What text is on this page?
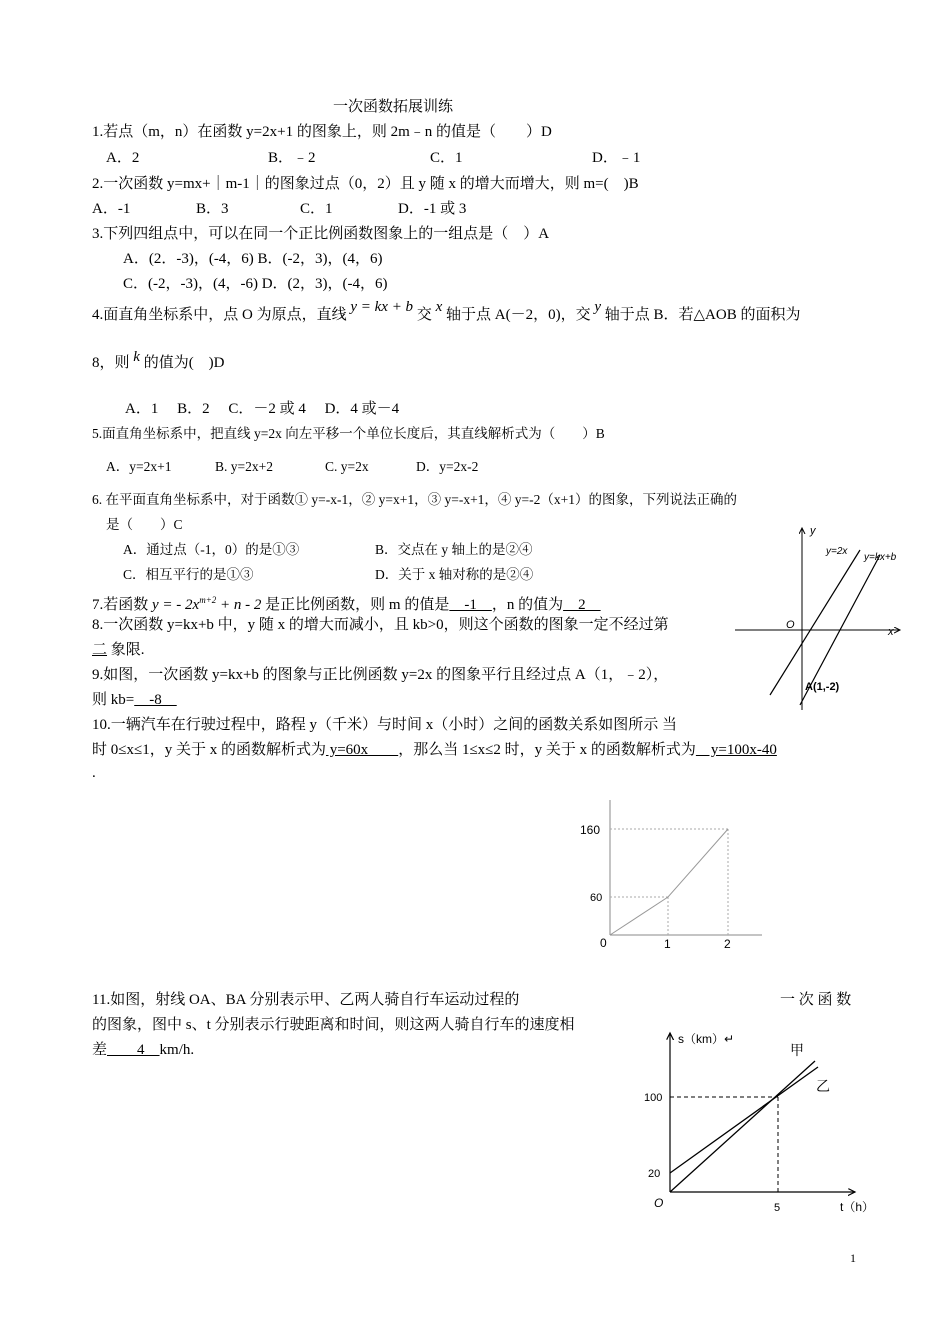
一次函数拓展训练
1.若点（m，n）在函数 y=2x+1 的图象上，则 2m﹣n 的值是（　　）D
A．2	B．﹣2	C．1	D．﹣1
2.一次函数 y=mx+｜m-1｜的图象过点（0，2）且 y 随 x 的增大而增大，则 m=(　)B
A．-1	B．3	C．1	D．-1 或 3
3.下列四组点中，可以在同一个正比例函数图象上的一组点是（　）A
A．(2．-3)，(-4，6) B．(-2，3)，(4，6)
C．(-2，-3)，(4，-6) D．(2，3)，(-4，6)
4.面直角坐标系中，点 O 为原点，直线 y = kx + b 交 x 轴于点 A(－2，0)，交 y 轴于点 B．若△AOB 的面积为
8，则 k 的值为(　)D
A．1　 B．2　 C．－2 或 4　 D．4 或－4
5.面直角坐标系中，把直线 y=2x 向左平移一个单位长度后，其直线解析式为（　　）B
A．y=2x+1	B. y=2x+2	C. y=2x	D．y=2x-2
6. 在平面直角坐标系中，对于函数① y=-x-1，② y=x+1，③ y=-x+1，④ y=-2（x+1）的图象，下列说法正确的
是（　　）C
A．通过点（-1，0）的是①③	B．交点在 y 轴上的是②④
C．相互平行的是①③	D．关于 x 轴对称的是②④
7.若函数 y = - $2x^{m+2} + n - 2$ 是正比例函数，则 m 的值是　-1　，n 的值为　2　
8.一次函数 y=kx+b 中，y 随 x 的增大而减小，且 kb>0，则这个函数的图象一定不经过第
二 象限.
9.如图，一次函数 y=kx+b 的图象与正比例函数 y=2x 的图象平行且经过点 A（1，﹣2），
则 kb=　-8　
y
x
O
y=2x
y=kx+b
A(1,-2)
10.一辆汽车在行驶过程中，路程 y（千米）与时间 x（小时）之间的函数关系如图所示 当
时 0≤x≤1，y 关于 x 的函数解析式为 y=60x　　，那么当 1≤x≤2 时，y 关于 x 的函数解析式为　y=100x-40
.
160
60
0	1	2
11.如图，射线 OA、BA 分别表示甲、乙两人骑自行车运动过程的	一 次 函 数
的图象，图中 s、t 分别表示行驶距离和时间，则这两人骑自行车的速度相
差　　4　km/h.
s（km）↵
t（h）
O
100
20
5
甲
乙
1
